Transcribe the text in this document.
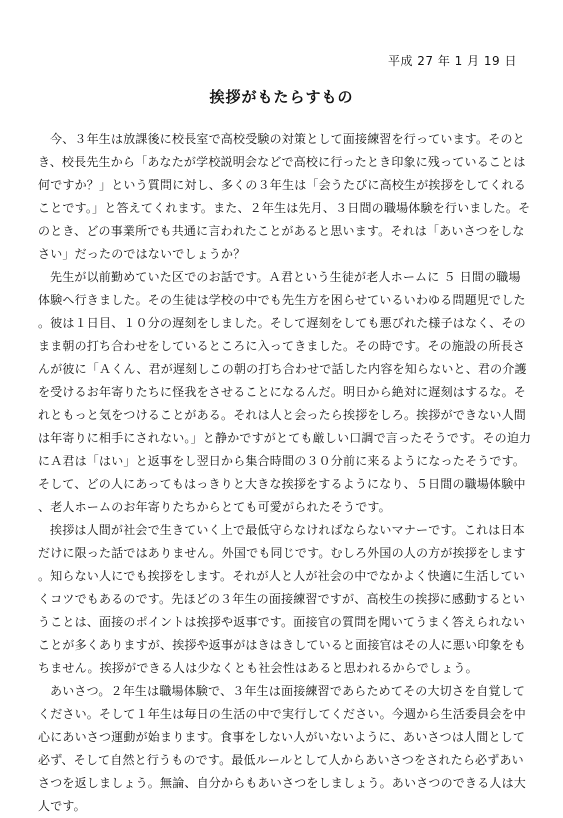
平成 27 年 1 月 19 日
挨拶がもたらすもの

今、３年生は放課後に校長室で高校受験の対策として面接練習を行っています。そのとき、校長先生から「あなたが学校説明会などで高校に行ったとき印象に残っていることは何ですか？」という質問に対し、多くの３年生は「会うたびに高校生が挨拶をしてくれることです。」と答えてくれます。また、２年生は先月、３日間の職場体験を行いました。そのとき、どの事業所でも共通に言われたことがあると思います。それは「あいさつをしなさい」だったのではないでしょうか？

先生が以前勤めていた区でのお話です。Ａ君という生徒が老人ホームに ５ 日間の職場体験へ行きました。その生徒は学校の中でも先生方を困らせているいわゆる問題児でした。彼は１日目、１０分の遅刻をしました。そして遅刻をしても悪びれた様子はなく、そのまま朝の打ち合わせをしているところに入ってきました。その時です。その施設の所長さんが彼に「Ａくん、君が遅刻しこの朝の打ち合わせで話した内容を知らないと、君の介護を受けるお年寄りたちに怪我をさせることになるんだ。明日から絶対に遅刻はするな。それともっと気をつけることがある。それは人と会ったら挨拶をしろ。挨拶ができない人間は年寄りに相手にされない。」と静かですがとても厳しい口調で言ったそうです。その迫力にＡ君は「はい」と返事をし翌日から集合時間の３０分前に来るようになったそうです。そして、どの人にあってもはっきりと大きな挨拶をするようになり、５日間の職場体験中、老人ホームのお年寄りたちからとても可愛がられたそうです。

挨拶は人間が社会で生きていく上で最低守らなければならないマナーです。これは日本だけに限った話ではありません。外国でも同じです。むしろ外国の人の方が挨拶をします。知らない人にでも挨拶をします。それが人と人が社会の中でなかよく快適に生活していくコツでもあるのです。先ほどの３年生の面接練習ですが、高校生の挨拶に感動するということは、面接のポイントは挨拶や返事です。面接官の質問を聞いてうまく答えられないことが多くありますが、挨拶や返事がはきはきしていると面接官はその人に悪い印象をもちません。挨拶ができる人は少なくとも社会性はあると思われるからでしょう。

あいさつ。２年生は職場体験で、３年生は面接練習であらためてその大切さを自覚してください。そして１年生は毎日の生活の中で実行してください。今週から生活委員会を中心にあいさつ運動が始まります。食事をしない人がいないように、あいさつは人間として必ず、そして自然と行うものです。最低ルールとして人からあいさつをされたら必ずあいさつを返しましょう。無論、自分からもあいさつをしましょう。あいさつのできる人は大人です。
